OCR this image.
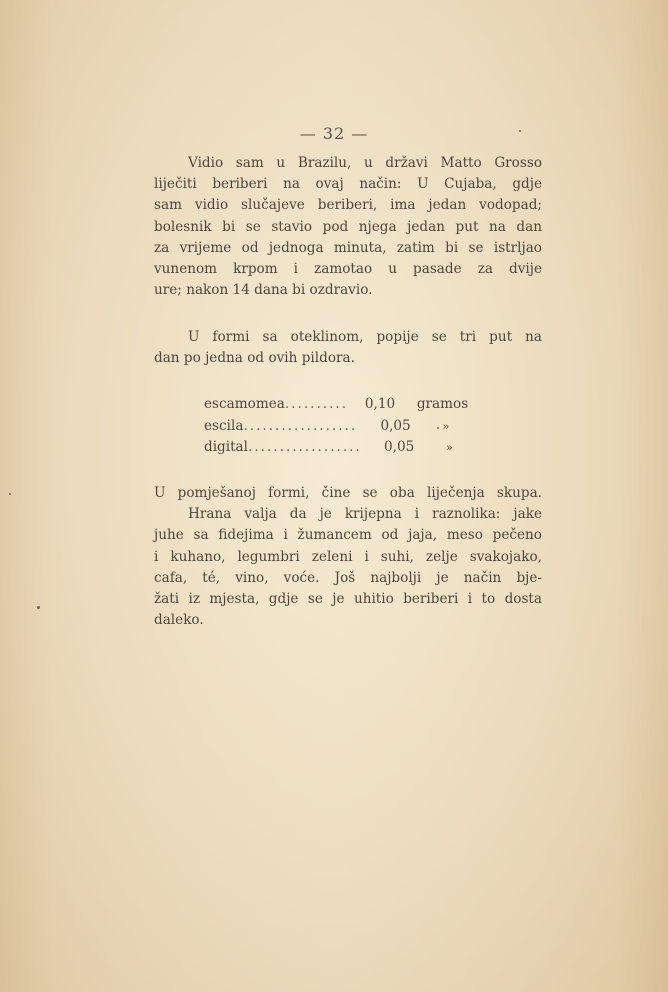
— 32 —
Vidio sam u Brazilu, u državi Matto Grosso
liječiti beriberi na ovaj način: U Cujaba, gdje
sam vidio slučajeve beriberi, ima jedan vodopad;
bolesnik bi se stavio pod njega jedan put na dan
za vrijeme od jednoga minuta, zatim bi se istrljao
vunenom krpom i zamotao u pasade za dvije
ure; nakon 14 dana bi ozdravio.
U formi sa oteklinom, popije se tri put na
dan po jedna od ovih pildora.
escamomea ..........	0,10	gramos
escila ..................	0,05	»
digital ..................	0,05	»
U pomješanoj formi, čine se oba liječenja skupa.
Hrana valja da je krijepna i raznolika: jake
juhe sa fidejima i žumancem od jaja, meso pečeno
i kuhano, legumbri zeleni i suhi, zelje svakojako,
cafa, té, vino, voće. Još najbolji je način bje-
žati iz mjesta, gdje se je uhitio beriberi i to dosta
daleko.
